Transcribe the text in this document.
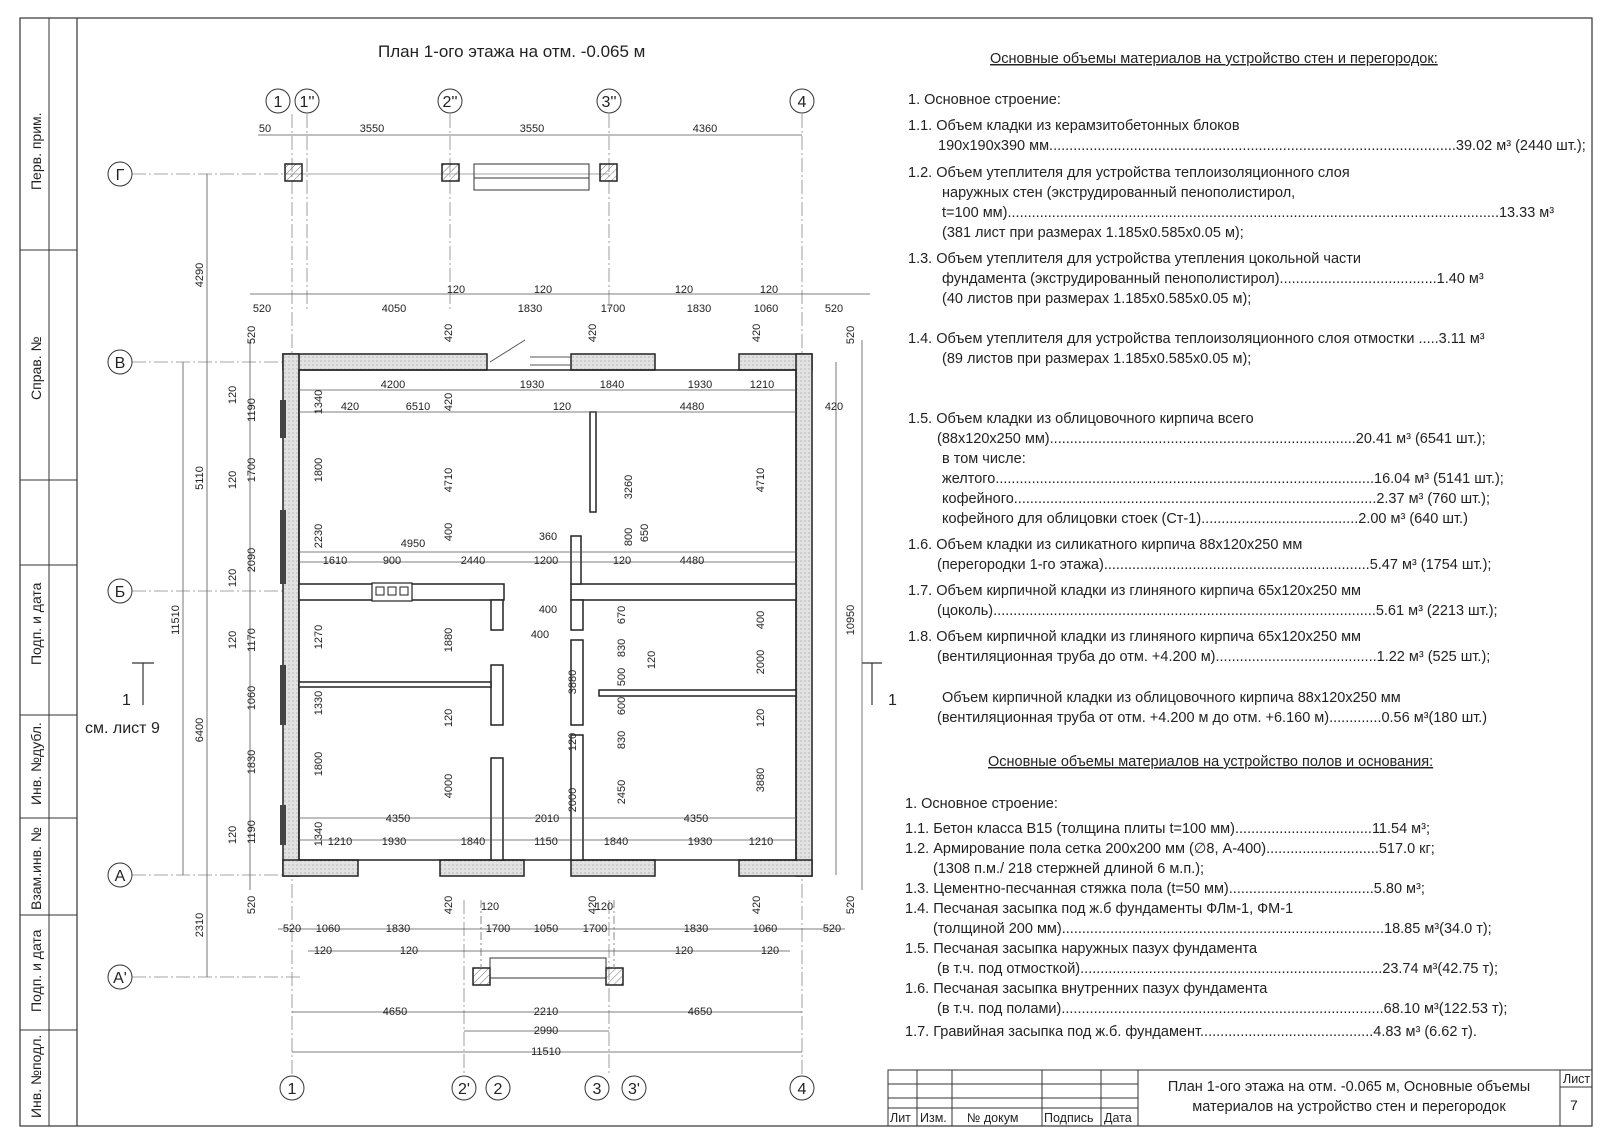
Перв. прим.
Справ. №
Подп. и дата
Инв. №дубл.
Взам.инв. №
Подп. и дата
Инв. №подл.
План 1-ого этажа на отм. -0.065 м
1 1''	2''	3''	4
1	2' 2	3 3'	4
Г
В
Б
А
А'
1	1
см. лист 9
50	3550	3550	4360
120	120	120	120
520	4050	1830	1700	1830	1060	520
4200	1930	1840	1930	1210
420	6510	120	4480	420
4950
360
1610	900	2440	1200	120	4480
400
400
4350	2010	4350
1210	1930	1840	1150	1840	1930	1210
120	120
520 1060	1830	1700 1050 1700	1830	1060	520
120	120	120	120
4650	2210	4650
2990
11510
4290
5110
11510
6400
2310
520
120
1190
120 1700
120
2090
120 1170
1060
1830
120 1190
520
1340
1800
2230
1270
1330
1800
1340
520
420
10950
520
420
420
420	420
420
420
4710
400
4710
3260
800 650
670
830
500
600
830
1880
120
4000
400
2000
120
3880
3880
2450
2000
120
120
Основные объемы материалов на устройство стен и перегородок:
1. Основное строение:
1.1. Объем кладки из керамзитобетонных блоков
190x190x390 мм.....................................................................................................39.02 м³ (2440 шт.);
1.2. Объем утеплителя для устройства теплоизоляционного слоя
наружных стен (экструдированный пенополистирол,
t=100 мм)..........................................................................................................................13.33 м³
(381 лист при размерах 1.185x0.585x0.05 м);
1.3. Объем утеплителя для устройства утепления цокольной части
фундамента (экструдированный пенополистирол).......................................1.40 м³
(40 листов при размерах 1.185x0.585x0.05 м);
1.4. Объем утеплителя для устройства теплоизоляционного слоя отмостки .....3.11 м³
(89 листов при размерах 1.185x0.585x0.05 м);
1.5. Объем кладки из облицовочного кирпича всего
(88x120x250 мм)............................................................................20.41 м³ (6541 шт.);
в том числе:
желтого..............................................................................................16.04 м³ (5141 шт.);
кофейного..........................................................................................2.37 м³ (760 шт.);
кофейного для облицовки стоек (Ст-1).......................................2.00 м³ (640 шт.)
1.6. Объем кладки из силикатного кирпича 88x120x250 мм
(перегородки 1-го этажа)..................................................................5.47 м³ (1754 шт.);
1.7. Объем кирпичной кладки из глиняного кирпича 65x120x250 мм
(цоколь)...............................................................................................5.61 м³ (2213 шт.);
1.8. Объем кирпичной кладки из глиняного кирпича 65x120x250 мм
(вентиляционная труба до отм. +4.200 м)........................................1.22 м³ (525 шт.);
Объем кирпичной кладки из облицовочного кирпича 88x120x250 мм
(вентиляционная труба от отм. +4.200 м до отм. +6.160 м).............0.56 м³(180 шт.)
Основные объемы материалов на устройство полов и основания:
1. Основное строение:
1.1. Бетон класса B15 (толщина плиты t=100 мм)..................................11.54 м³;
1.2. Армирование пола сетка 200x200 мм (∅8, А-400)............................517.0 кг;
(1308 п.м./ 218 стержней длиной 6 м.п.);
1.3. Цементно-песчанная стяжка пола (t=50 мм)....................................5.80 м³;
1.4. Песчаная засыпка под ж.б фундаменты ФЛм-1, ФМ-1
(толщиной 200 мм)................................................................................18.85 м³(34.0 т);
1.5. Песчаная засыпка наружных пазух фундамента
(в т.ч. под отмосткой)...........................................................................23.74 м³(42.75 т);
1.6. Песчаная засыпка внутренних пазух фундамента
(в т.ч. под полами)................................................................................68.10 м³(122.53 т);
1.7. Гравийная засыпка под ж.б. фундамент...........................................4.83 м³ (6.62 т).
Лит Изм. № докум Подпись Дата
План 1-ого этажа на отм. -0.065 м, Основные объемы
материалов на устройство стен и перегородок
Лист
7
